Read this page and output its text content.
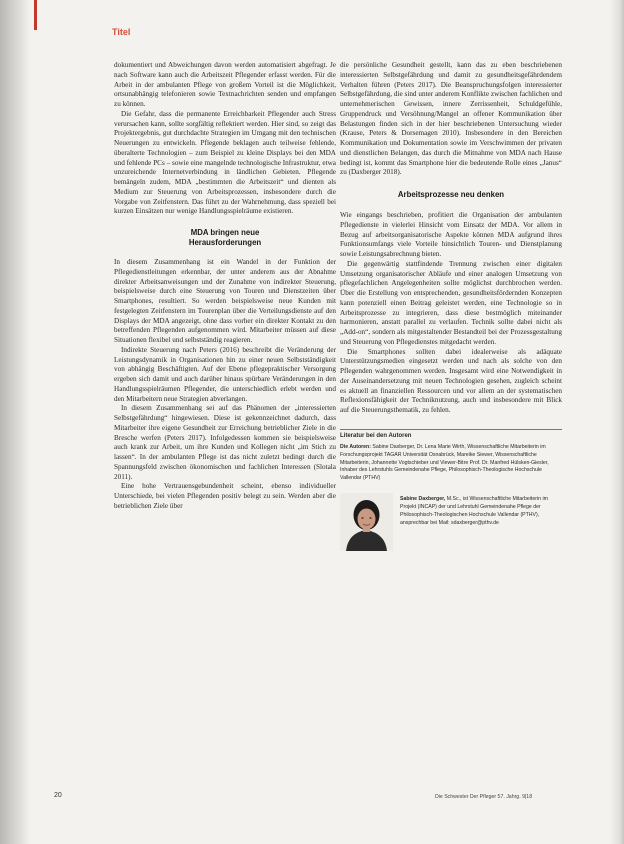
Titel

dokumentiert und Abweichungen davon werden automatisiert abgefragt. Je nach Software kann auch die Arbeitszeit Pflegender erfasst werden. Für die Arbeit in der ambulanten Pflege von großem Vorteil ist die Möglichkeit, ortsunabhängig telefonieren sowie Textnachrichten senden und empfangen zu können.

Die Gefahr, dass die permanente Erreichbarkeit Pflegender auch Stress verursachen kann, sollte sorgfältig reflektiert werden. Hier sind, so zeigt das Projektergebnis, gut durchdachte Strategien im Umgang mit den technischen Neuerungen zu entwickeln. Pflegende beklagen auch teilweise fehlende, überalterte Technologien – zum Beispiel zu kleine Displays bei den MDA und fehlende PCs – sowie eine mangelnde technologische Infrastruktur, etwa unzureichende Internetverbindung in ländlichen Gebieten. Pflegende bemängeln zudem, MDA „bestimmten die Arbeitszeit“ und dienten als Medium zur Steuerung von Arbeitsprozessen, insbesondere durch die Vorgabe von Zeitfenstern. Das führt zu der Wahrnehmung, dass speziell bei kurzen Einsätzen nur wenige Handlungsspielräume existieren.

MDA bringen neue Herausforderungen

In diesem Zusammenhang ist ein Wandel in der Funktion der Pflegedienstleitungen erkennbar, der unter anderem aus der Abnahme direkter Arbeitsanweisungen und der Zunahme von indirekter Steuerung, beispielsweise durch eine Steuerung von Touren und Dienstzeiten über Smartphones, resultiert. So werden beispielsweise neue Kunden mit festgelegten Zeitfenstern im Tourenplan über die Verteilungsdienste auf den Displays der MDA angezeigt, ohne dass vorher ein direkter Kontakt zu den betreffenden Pflegenden aufgenommen wird. Mitarbeiter müssen auf diese Situationen flexibel und selbstständig reagieren.

Indirekte Steuerung nach Peters (2016) beschreibt die Veränderung der Leistungsdynamik in Organisationen hin zu einer neuen Selbstständigkeit von abhängig Beschäftigten. Auf der Ebene pflegepraktischer Versorgung ergeben sich damit und auch darüber hinaus spürbare Veränderungen in den Handlungsspielräumen Pflegender, die unterschiedlich erlebt werden und den Mitarbeitern neue Strategien abverlangen.

In diesem Zusammenhang sei auf das Phänomen der „interessierten Selbstgefährdung“ hingewiesen. Diese ist gekennzeichnet dadurch, dass Mitarbeiter ihre eigene Gesundheit zur Erreichung betrieblicher Ziele in die Bresche werfen (Peters 2017). Infolgedessen kommen sie beispielsweise auch krank zur Arbeit, um ihre Kunden und Kollegen nicht „im Stich zu lassen“. In der ambulanten Pflege ist das nicht zuletzt bedingt durch die Spannungsfeld zwischen ökonomischen und fachlichen Interessen (Slotala 2011).

Eine hohe Vertrauensgebundenheit scheint, ebenso individueller Unterschiede, bei vielen Pflegenden positiv belegt zu sein. Werden aber die betrieblichen Ziele über

die persönliche Gesundheit gestellt, kann das zu eben beschriebenen interessierten Selbstgefährdung und damit zu gesundheitsgefährdendem Verhalten führen (Peters 2017). Die Beanspruchungsfolgen interessierter Selbstgefährdung, die sind unter anderem Konflikte zwischen fachlichen und unternehmerischen Gewissen, innere Zerrissenheit, Schuldgefühle, Gruppendruck und Versöhnung/Mangel an offener Kommunikation über Belastungen finden sich in der hier beschriebenen Untersuchung wieder (Krause, Peters & Dorsemagen 2010). Insbesondere in den Bereichen Kommunikation und Dokumentation sowie im Verschwimmen der privaten und dienstlichen Belangen, das durch die Mitnahme von MDA nach Hause bedingt ist, kommt das Smartphone hier die bedeutende Rolle eines „Janus“ zu (Daxberger 2018).

Arbeitsprozesse neu denken

Wie eingangs beschrieben, profitiert die Organisation der ambulanten Pflegedienste in vielerlei Hinsicht vom Einsatz der MDA. Vor allem in Bezug auf arbeitsorganisatorische Aspekte können MDA aufgrund ihres Funktionsumfangs viele Vorteile hinsichtlich Touren- und Dienstplanung sowie Leistungsabrechnung bieten.

Die gegenwärtig stattfindende Trennung zwischen einer digitalen Umsetzung organisatorischer Abläufe und einer analogen Umsetzung von pflegefachlichen Angelegenheiten sollte möglichst durchbrochen werden. Über die Erstellung von entsprechenden, gesundheitsfördernden Konzepten kann potenziell einen Beitrag geleistet werden, eine Technologie so in Arbeitsprozesse zu integrieren, dass diese bestmöglich miteinander harmonieren, anstatt parallel zu verlaufen. Technik sollte dabei nicht als „Add-on“, sondern als mitgestaltender Bestandteil bei der Prozessgestaltung und Steuerung von Pflegedienstes mitgedacht werden.

Die Smartphones sollten dabei idealerweise als adäquate Unterstützungsmedien eingesetzt werden und nach als solche von den Pflegenden wahrgenommen werden. Insgesamt wird eine Notwendigkeit in der Auseinandersetzung mit neuen Technologien gesehen, zugleich scheint es aktuell an finanziellen Ressourcen und vor allem an der systematischen Reflexionsfähigkeit der Techniknutzung, auch und insbesondere mit Blick auf die Steuerungsthematik, zu fehlen.

Literatur bei den Autoren
Die Autoren: Sabine Daxberger, Dr. Lena Marie Wirth, Wissenschaftliche Mitarbeiterin im Forschungsprojekt TAGAR Universität Osnabrück, Mareike Siewer, Wissenschaftliche Mitarbeiterin, Johannette Vogtschieber und Viewer-Bitre Prof. Dr. Manfred Hülsken-Giesler, Inhaber des Lehrstuhls Gemeindenahe Pflege, Philosophisch-Theologische Hochschule Vallendar (PTHV)
Sabine Daxberger, M.Sc., ist Wissenschaftliche Mitarbeiterin im Projekt (INCAP) der und Lehrstuhl Gemeindenahe Pflege der Philosophisch-Theologischen Hochschule Vallendar (PTHV), ansprechbar bei Mail: sdaxberger@pthv.de
20	Die Schwester Der Pfleger 57. Jahrg. 9|18
